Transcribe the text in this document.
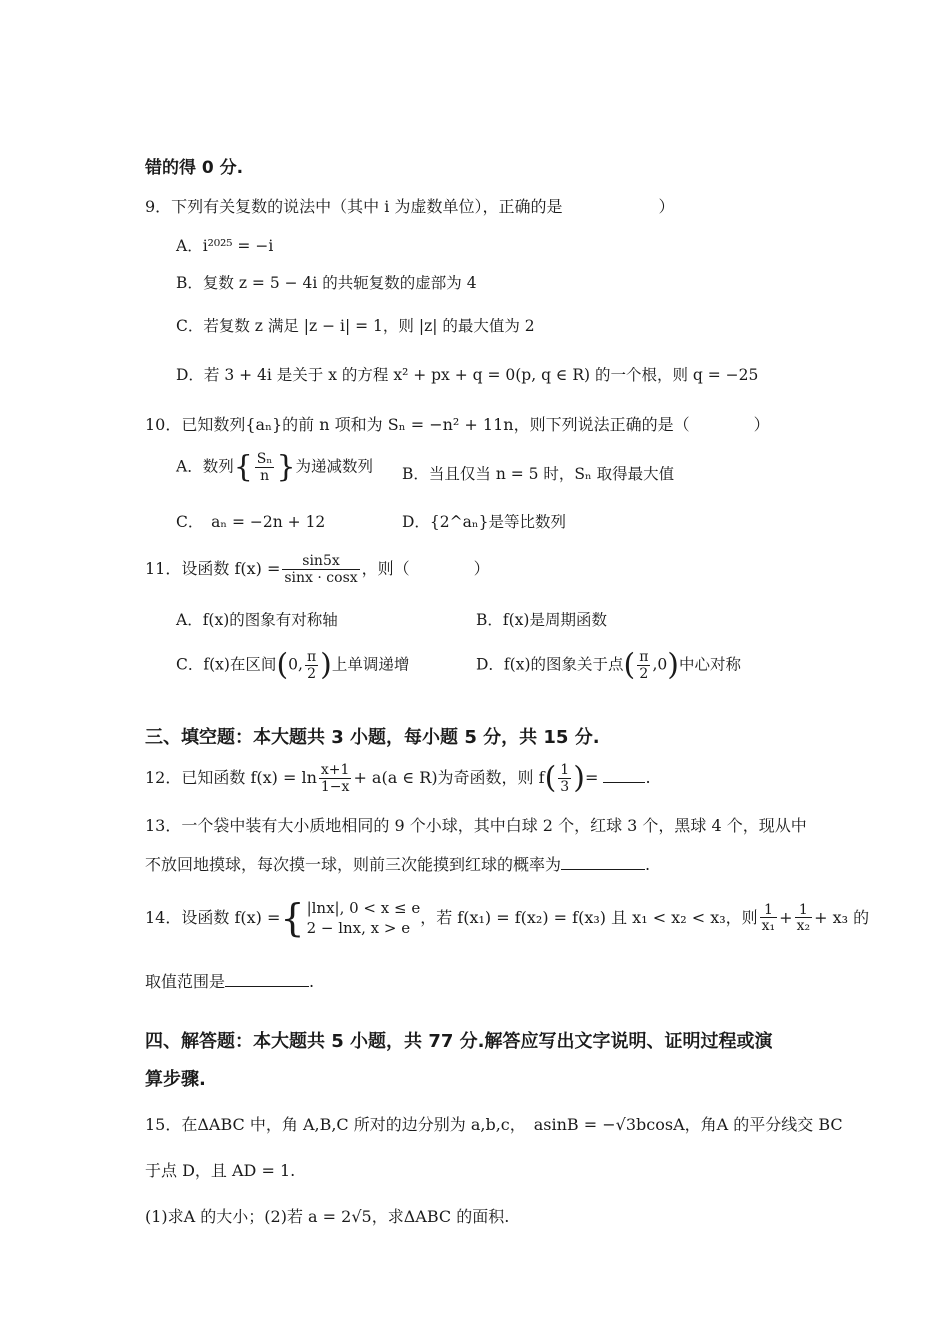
错的得 0 分.
9．下列有关复数的说法中（其中 i 为虚数单位），正确的是　　　　　　）
A．i²⁰²⁵ = −i
B．复数 z = 5 − 4i 的共轭复数的虚部为 4
C．若复数 z 满足 |z − i| = 1，则 |z| 的最大值为 2
D．若 3 + 4i 是关于 x 的方程 x² + px + q = 0(p, q ∈ R) 的一个根，则 q = −25
10．已知数列{aₙ}的前 n 项和为 Sₙ = −n² + 11n，则下列说法正确的是（　　　　）
A．数列{ $\frac{\text{Sₙ}}{n}$ }为递减数列 B．当且仅当 n = 5 时，Sₙ 取得最大值
C．　aₙ = −2n + 12	D．{2^aₙ}是等比数列
11．设函数 $f(x) = \frac{\sin 5x}{\sin x \cdot \cos x}$ ，则（　　　　）
A．f(x)的图象有对称轴	B．f(x)是周期函数
C．f(x)在区间(0, $\frac{\pi}{2}$ )上单调递增	D．f(x)的图象关于点( $\frac{\pi}{2} ,0$)中心对称
三、填空题：本大题共 3 小题，每小题 5 分，共 15 分.
12．已知函数 $f(x) = \ln \frac{x+1}{1-x} + a(a$ ∈ R)为奇函数，则 $f( \frac{1}{3}$ )=	.
13．一个袋中装有大小质地相同的 9 个小球，其中白球 2 个，红球 3 个，黑球 4 个，现从中
不放回地摸球，每次摸一球，则前三次能摸到红球的概率为	.
14．设函数 f(x) ={ |lnx|, 0 < x ≤ e
2 − lnx, x > e
，若 f(x₁) = f(x₂) = f(x₃) 且 x₁ < x₂ < x₃，则 $\frac{1}{\text{x₁}} + \frac{1}{\text{x₂}} + x_3$ 的
取值范围是	.
四、解答题：本大题共 5 小题，共 77 分.解答应写出文字说明、证明过程或演
算步骤.
15．在ΔABC 中，角 A,B,C 所对的边分别为 a,b,c，　asinB = −√3bcosA，角A 的平分线交 BC
于点 D，且 AD = 1.
(1)求A 的大小；(2)若 a = 2√5，求ΔABC 的面积.
